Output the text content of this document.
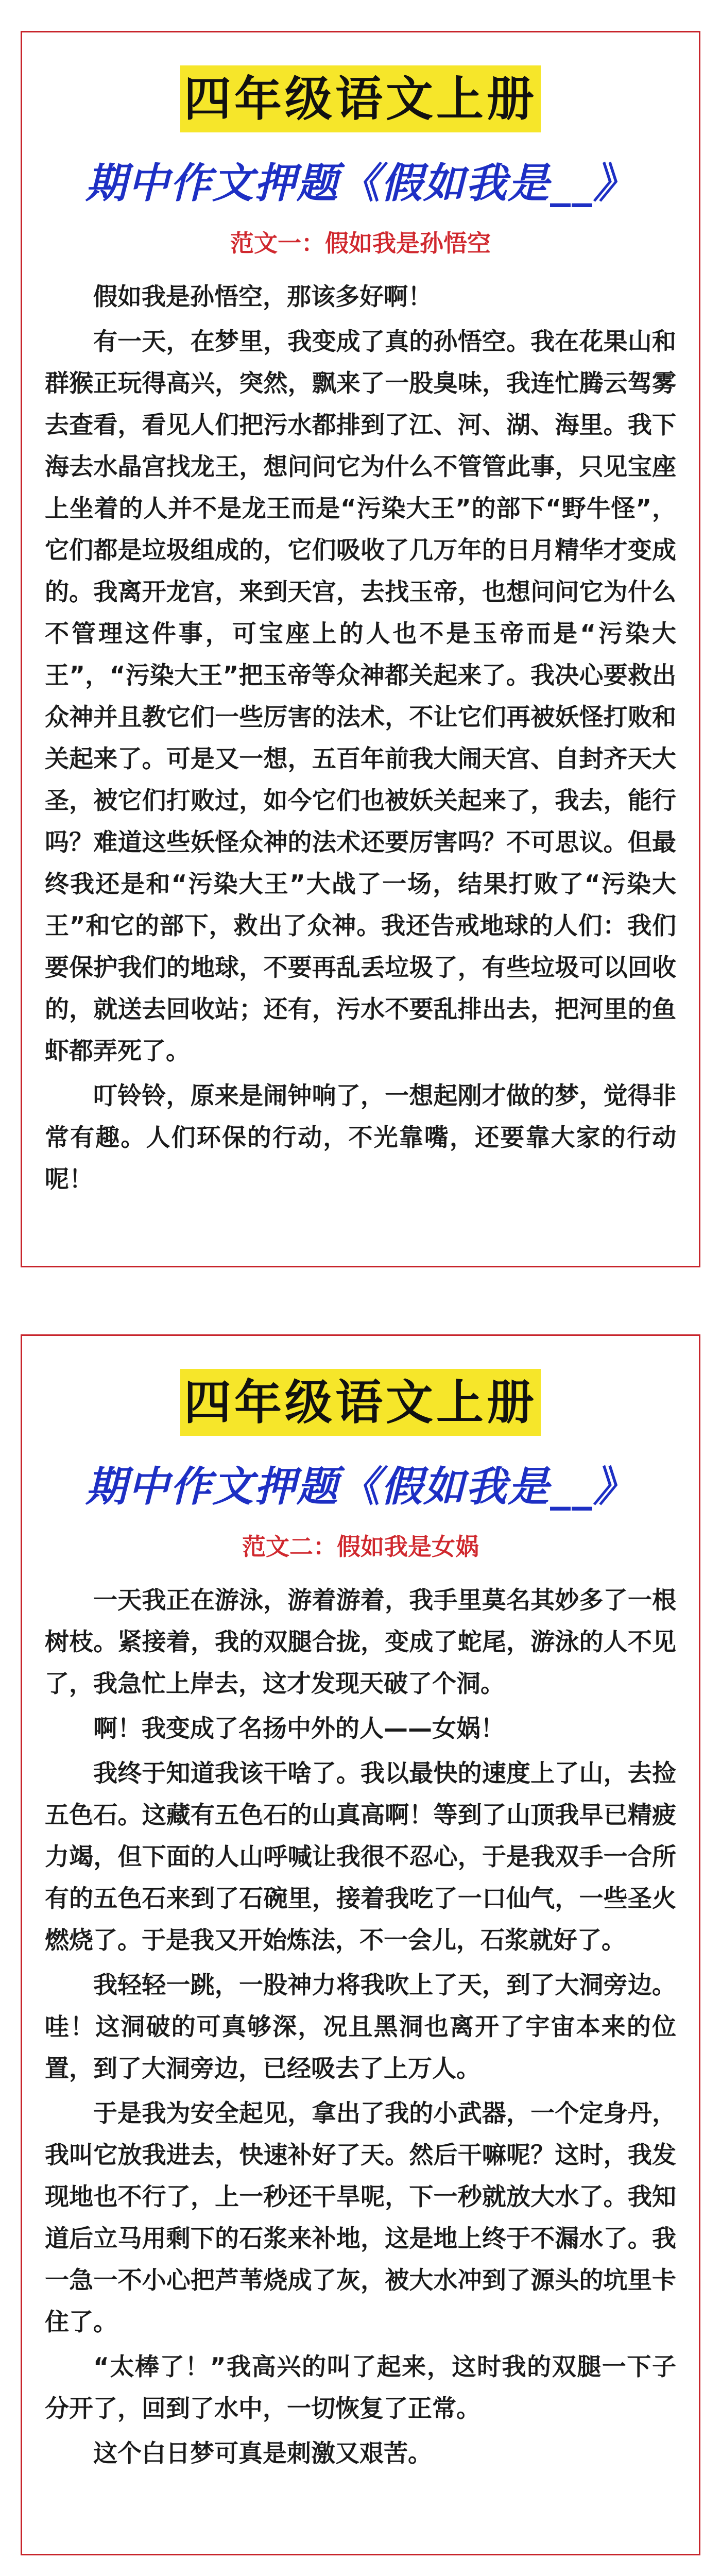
四年级语文上册
期中作文押题《假如我是__》
范文一：假如我是孙悟空

假如我是孙悟空，那该多好啊！

有一天，在梦里，我变成了真的孙悟空。我在花果山和群猴正玩得高兴，突然，飘来了一股臭味，我连忙腾云驾雾去查看，看见人们把污水都排到了江、河、湖、海里。我下海去水晶宫找龙王，想问问它为什么不管管此事，只见宝座上坐着的人并不是龙王而是“污染大王”的部下“野牛怪”，它们都是垃圾组成的，它们吸收了几万年的日月精华才变成的。我离开龙宫，来到天宫，去找玉帝，也想问问它为什么不管理这件事，可宝座上的人也不是玉帝而是“污染大王”，“污染大王”把玉帝等众神都关起来了。我决心要救出众神并且教它们一些厉害的法术，不让它们再被妖怪打败和关起来了。可是又一想，五百年前我大闹天宫、自封齐天大圣，被它们打败过，如今它们也被妖关起来了，我去，能行吗？难道这些妖怪众神的法术还要厉害吗？不可思议。但最终我还是和“污染大王”大战了一场，结果打败了“污染大王”和它的部下，救出了众神。我还告戒地球的人们：我们要保护我们的地球，不要再乱丢垃圾了，有些垃圾可以回收的，就送去回收站；还有，污水不要乱排出去，把河里的鱼虾都弄死了。

叮铃铃，原来是闹钟响了，一想起刚才做的梦，觉得非常有趣。人们环保的行动，不光靠嘴，还要靠大家的行动呢！

四年级语文上册
期中作文押题《假如我是__》
范文二：假如我是女娲

一天我正在游泳，游着游着，我手里莫名其妙多了一根树枝。紧接着，我的双腿合拢，变成了蛇尾，游泳的人不见了，我急忙上岸去，这才发现天破了个洞。

啊！我变成了名扬中外的人——女娲！

我终于知道我该干啥了。我以最快的速度上了山，去捡五色石。这藏有五色石的山真高啊！等到了山顶我早已精疲力竭，但下面的人山呼喊让我很不忍心，于是我双手一合所有的五色石来到了石碗里，接着我吃了一口仙气，一些圣火燃烧了。于是我又开始炼法，不一会儿，石浆就好了。

我轻轻一跳，一股神力将我吹上了天，到了大洞旁边。哇！这洞破的可真够深，况且黑洞也离开了宇宙本来的位置，到了大洞旁边，已经吸去了上万人。

于是我为安全起见，拿出了我的小武器，一个定身丹，我叫它放我进去，快速补好了天。然后干嘛呢？这时，我发现地也不行了，上一秒还干旱呢，下一秒就放大水了。我知道后立马用剩下的石浆来补地，这是地上终于不漏水了。我一急一不小心把芦苇烧成了灰，被大水冲到了源头的坑里卡住了。

“太棒了！”我高兴的叫了起来，这时我的双腿一下子分开了，回到了水中，一切恢复了正常。

这个白日梦可真是刺激又艰苦。
